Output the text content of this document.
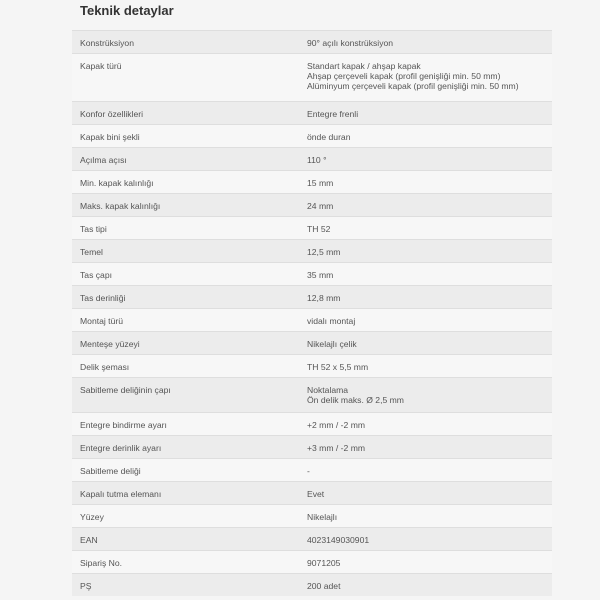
Teknik detaylar
Konstrüksiyon	90° açılı konstrüksiyon
Kapak türü	Standart kapak / ahşap kapak
Ahşap çerçeveli kapak (profil genişliği min. 50 mm)
Alüminyum çerçeveli kapak (profil genişliği min. 50 mm)
Konfor özellikleri	Entegre frenli
Kapak bini şekli	önde duran
Açılma açısı	110 °
Min. kapak kalınlığı	15 mm
Maks. kapak kalınlığı	24 mm
Tas tipi	TH 52
Temel	12,5 mm
Tas çapı	35 mm
Tas derinliği	12,8 mm
Montaj türü	vidalı montaj
Menteşe yüzeyi	Nikelajlı çelik
Delik şeması	TH 52 x 5,5 mm
Sabitleme deliğinin çapı	Noktalama
Ön delik maks. Ø 2,5 mm
Entegre bindirme ayarı	+2 mm / -2 mm
Entegre derinlik ayarı	+3 mm / -2 mm
Sabitleme deliği	-
Kapalı tutma elemanı	Evet
Yüzey	Nikelajlı
EAN	4023149030901
Sipariş No.	9071205
PŞ	200 adet
